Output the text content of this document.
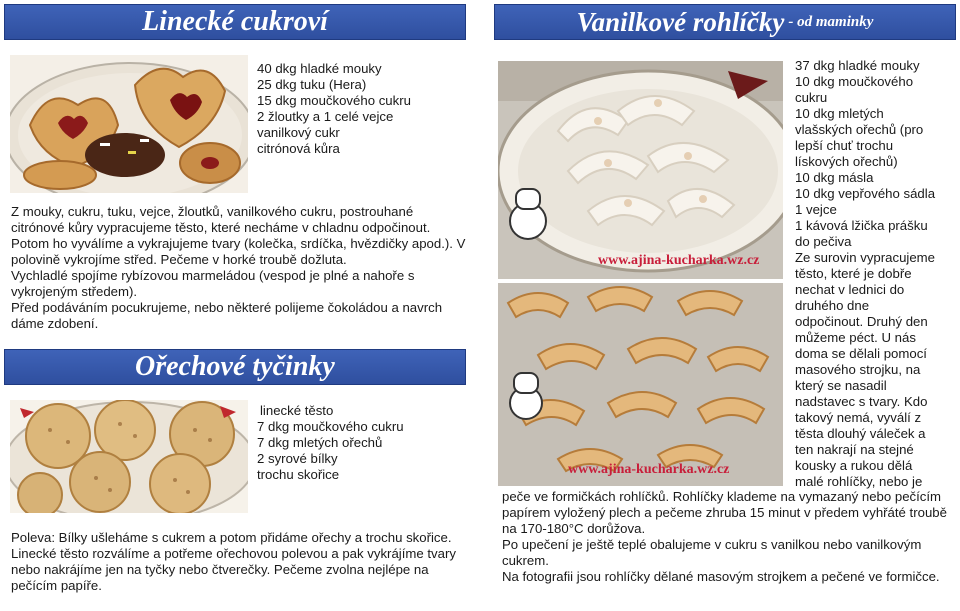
Linecké cukroví

40 dkg hladké mouky

25 dkg tuku (Hera)

15 dkg moučkového cukru

2 žloutky a 1 celé vejce

vanilkový cukr

citrónová kůra

Z mouky, cukru, tuku, vejce, žloutků, vanilkového cukru, postrouhané citrónové kůry vypracujeme těsto, které necháme v chladnu odpočinout. Potom ho vyválíme a vykrajujeme tvary (kolečka, srdíčka, hvězdičky apod.). V polovině vykrojíme střed. Pečeme v horké troubě dožluta.

Vychladlé spojíme rybízovou marmeládou (vespod je plné a nahoře s vykrojeným středem).

Před podáváním pocukrujeme, nebo některé polijeme čokoládou a navrch dáme zdobení.

Ořechové tyčinky

linecké těsto

7 dkg moučkového cukru

7 dkg mletých ořechů

2 syrové bílky

trochu skořice

Poleva: Bílky ušleháme s cukrem a potom přidáme ořechy a trochu skořice.

Linecké těsto rozválíme a potřeme ořechovou polevou a pak vykrájíme tvary nebo nakrájíme jen na tyčky nebo čtverečky. Pečeme zvolna nejlépe na pečícím papíře.

Vanilkové rohlíčky - od maminky
www.ajina-kucharka.wz.cz
www.ajina-kucharka.wz.cz

37 dkg hladké mouky

10 dkg moučkového

cukru

10 dkg mletých

vlašských ořechů (pro

lepší chuť trochu

lískových ořechů)

10 dkg másla

10 dkg vepřového sádla

1 vejce

1 kávová lžička prášku

do pečiva

Ze surovin vypracujeme

těsto, které je dobře

nechat v lednici do

druhého dne

odpočinout. Druhý den

můžeme péct. U nás

doma se dělali pomocí

masového strojku, na

který se nasadil

nadstavec s tvary. Kdo

takový nemá, vyválí z

těsta dlouhý váleček a

ten nakrají na stejné

kousky a rukou dělá

malé rohlíčky, nebo je

peče ve formičkách rohlíčků. Rohlíčky klademe na vymazaný nebo pečícím papírem vyložený plech a pečeme zhruba 15 minut v předem vyhřáté troubě na 170-180°C dorůžova.

Po upečení je ještě teplé obalujeme v cukru s vanilkou nebo vanilkovým cukrem.

Na fotografii jsou rohlíčky dělané masovým strojkem a pečené ve formičce.
